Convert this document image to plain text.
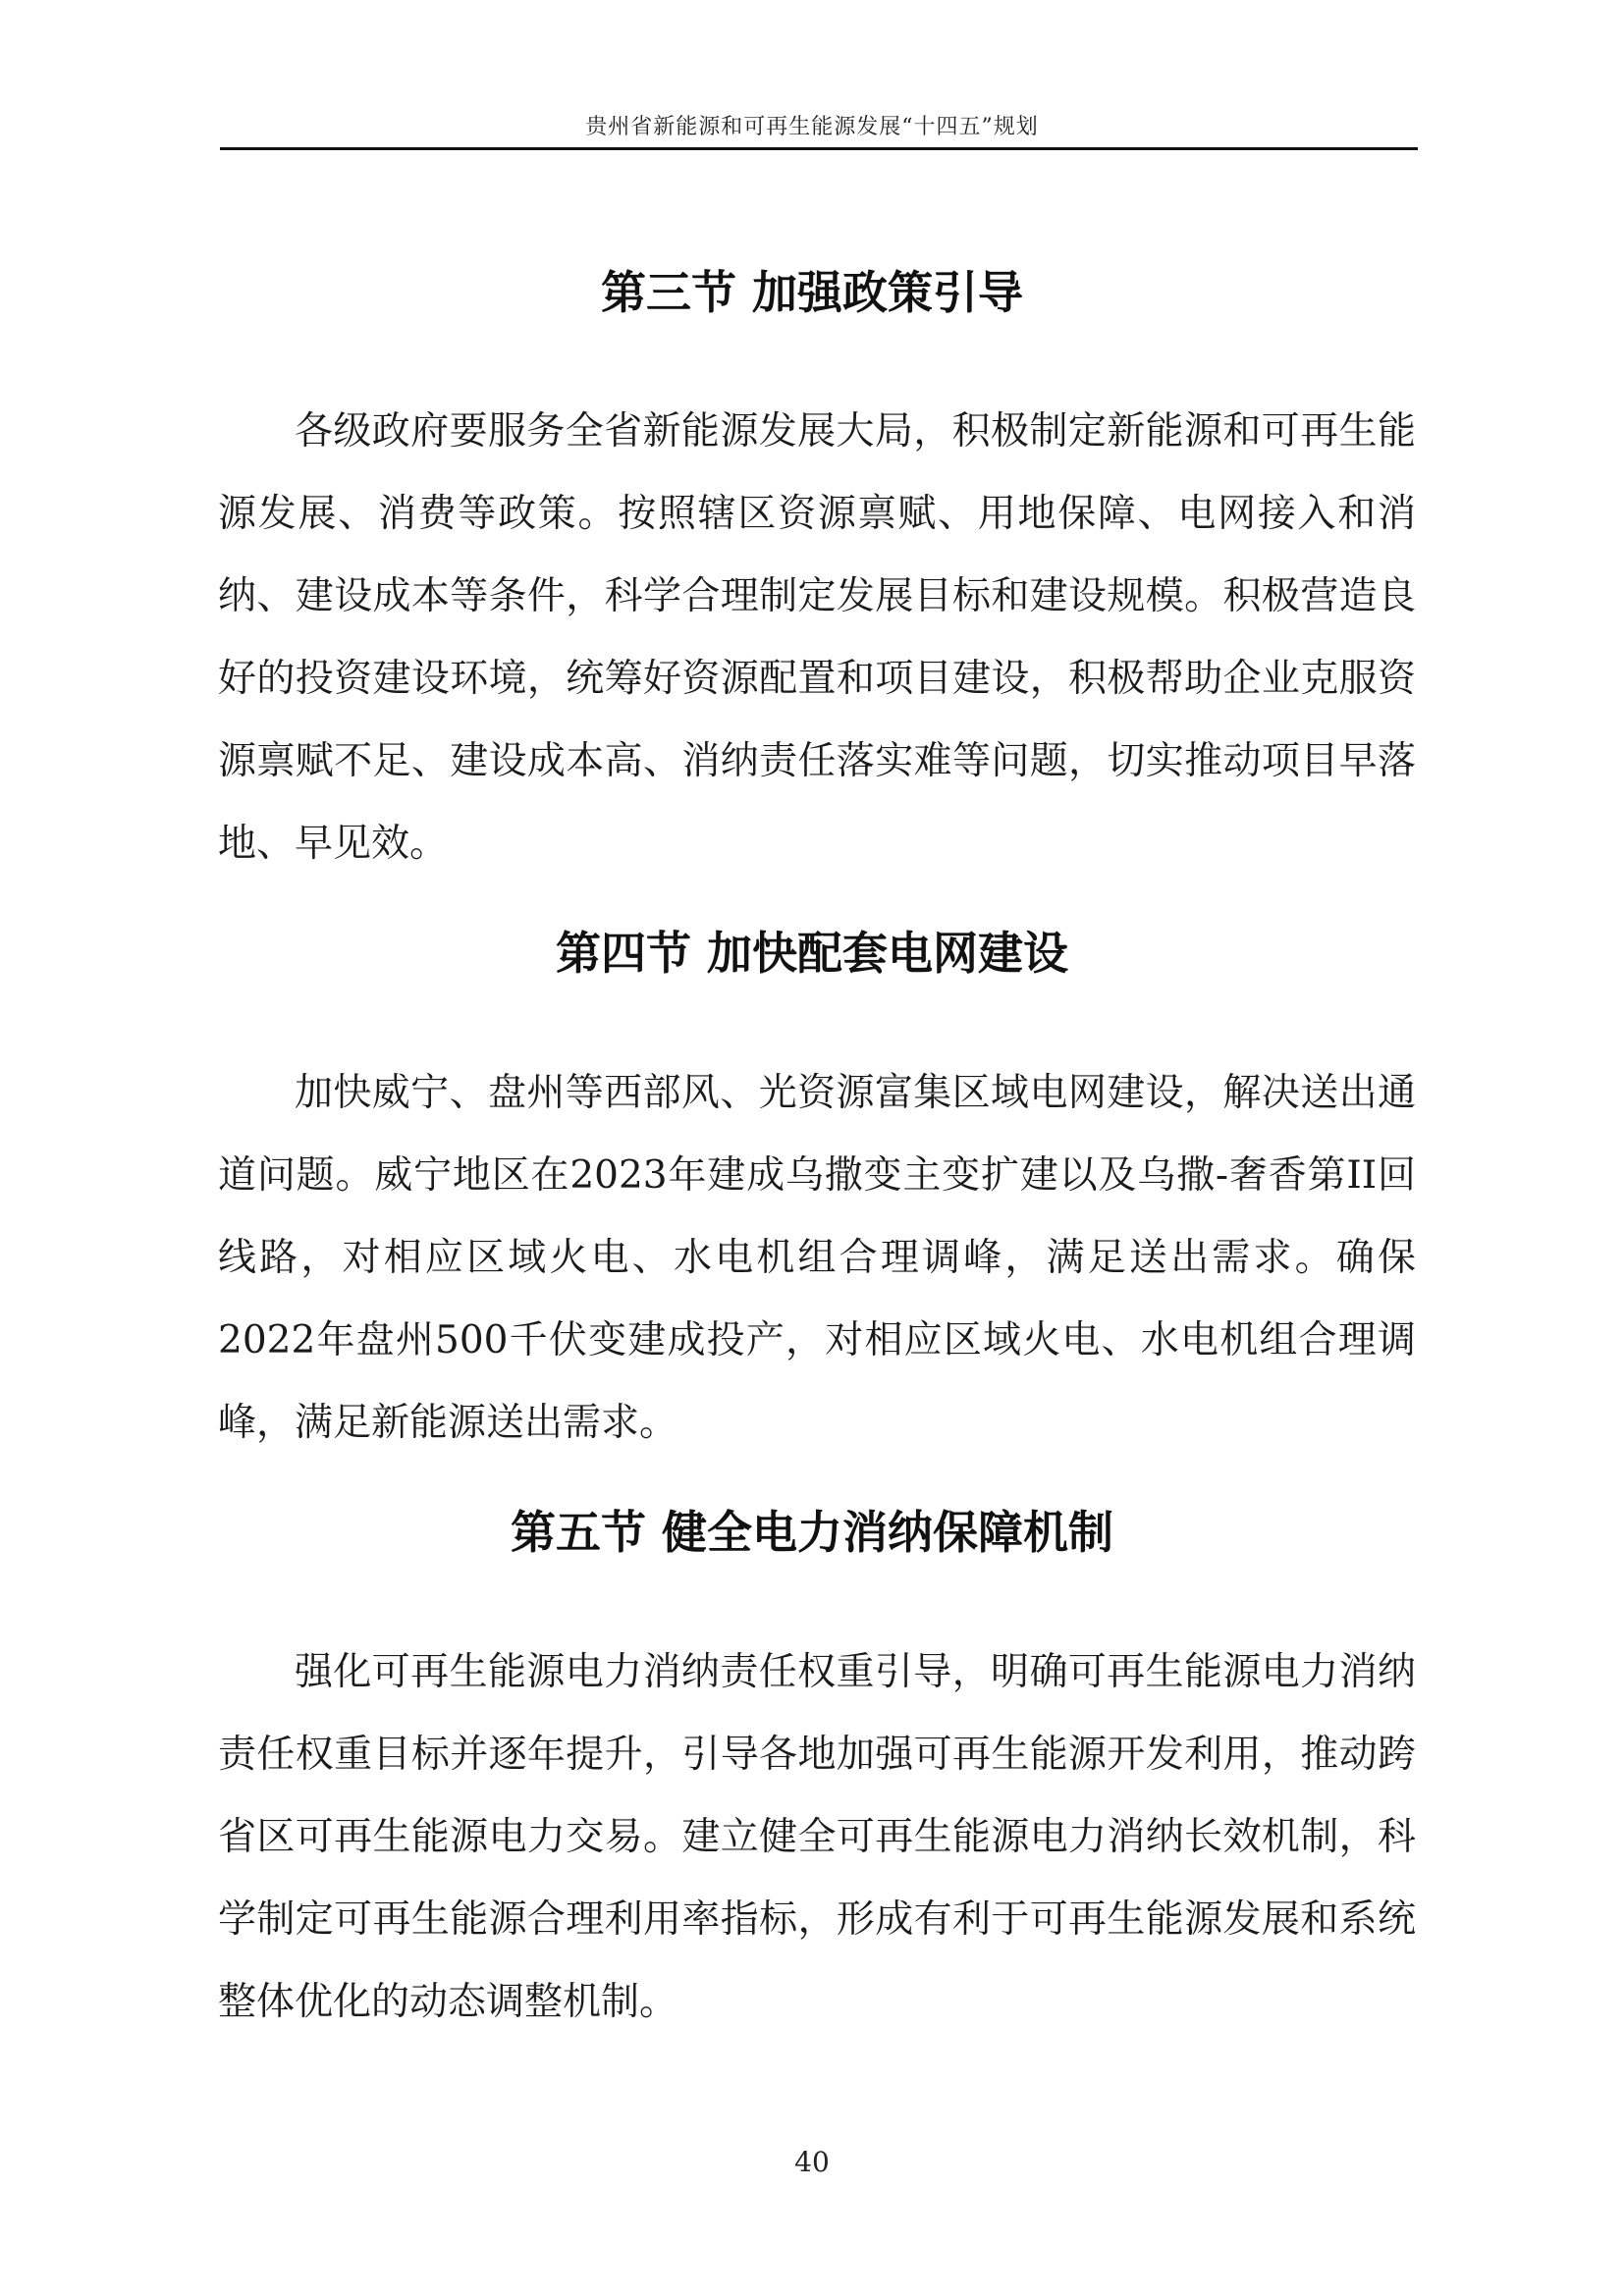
贵州省新能源和可再生能源发展“十四五”规划
第三节 加强政策引导

各级政府要服务全省新能源发展大局，积极制定新能源和可再生能源发展、消费等政策。按照辖区资源禀赋、用地保障、电网接入和消纳、建设成本等条件，科学合理制定发展目标和建设规模。积极营造良好的投资建设环境，统筹好资源配置和项目建设，积极帮助企业克服资源禀赋不足、建设成本高、消纳责任落实难等问题，切实推动项目早落地、早见效。

第四节 加快配套电网建设

加快威宁、盘州等西部风、光资源富集区域电网建设，解决送出通道问题。威宁地区在2023年建成乌撒变主变扩建以及乌撒-奢香第II回线路，对相应区域火电、水电机组合理调峰，满足送出需求。确保2022年盘州500千伏变建成投产，对相应区域火电、水电机组合理调峰，满足新能源送出需求。

第五节 健全电力消纳保障机制

强化可再生能源电力消纳责任权重引导，明确可再生能源电力消纳责任权重目标并逐年提升，引导各地加强可再生能源开发利用，推动跨省区可再生能源电力交易。建立健全可再生能源电力消纳长效机制，科学制定可再生能源合理利用率指标，形成有利于可再生能源发展和系统整体优化的动态调整机制。

40
